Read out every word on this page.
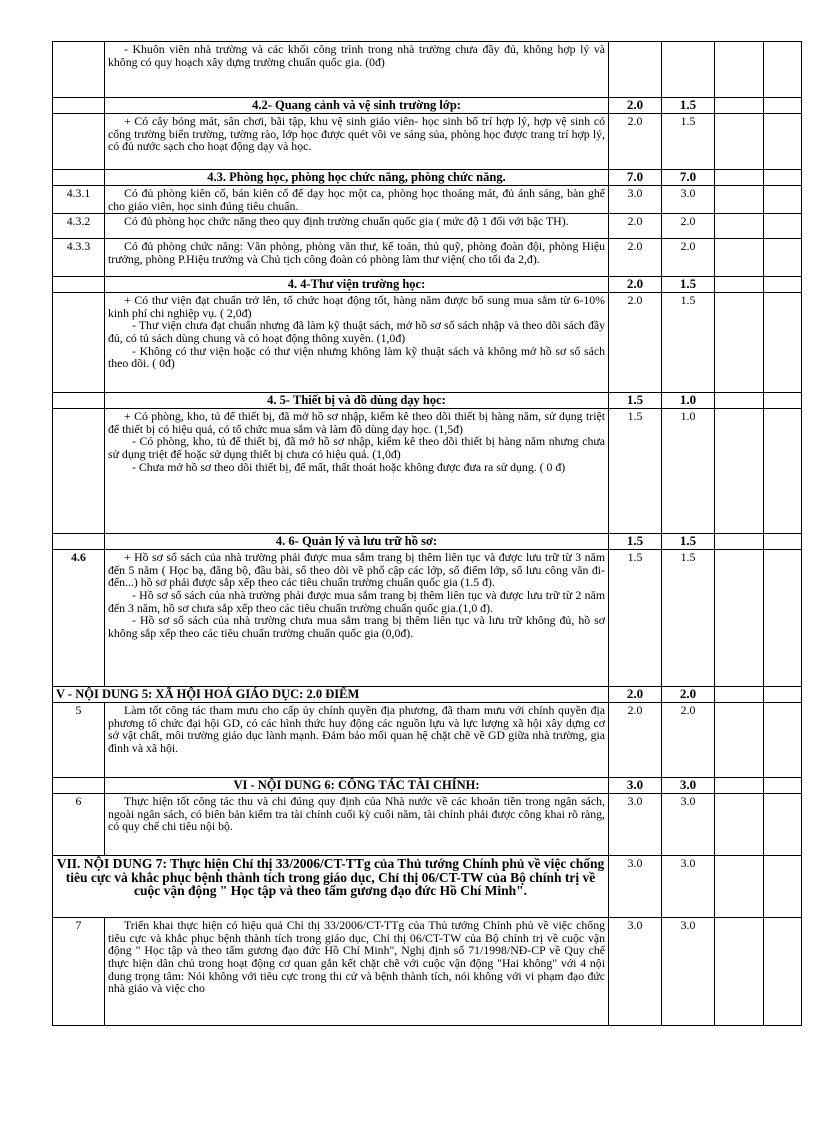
	- Khuôn viên nhà trường và các khối công trình trong nhà trường chưa đầy đủ, không hợp lý và không có quy hoạch xây dựng trường chuẩn quốc gia. (0đ)				

	4.2- Quang cảnh và vệ sinh trường lớp:	2.0	1.5		

	+ Có cây bóng mát, sân chơi, bãi tập, khu vệ sinh giáo viên- học sinh bố trí hợp lý, hợp vệ sinh có cổng trường biển trường, tường rào, lớp học được quét vôi ve sáng sủa, phòng học được trang trí hợp lý, có đủ nước sạch cho hoạt động dạy và học.	2.0	1.5		

	4.3. Phòng học, phòng học chức năng, phòng chức năng.	7.0	7.0		
4.3.1	Có đủ phòng kiên cố, bán kiên cố để dạy học một ca, phòng học thoáng mát, đủ ánh sáng, bàn ghế cho giáo viên, học sinh đúng tiêu chuẩn.	3.0	3.0		
4.3.2	Có đủ phòng học chức năng theo quy định trường chuẩn quốc gia ( mức độ 1 đối với bậc TH).	2.0	2.0		
4.3.3	Có đủ phòng chức năng: Văn phòng, phòng văn thư, kế toán, thủ quỹ, phòng đoàn đội, phòng Hiệu trưởng, phòng P.Hiệu trưởng và Chủ tịch công đoàn có phòng làm thư viện( cho tối đa 2,đ).	2.0	2.0		

	4. 4-Thư viện trường học:	2.0	1.5		

	+ Có thư viện đạt chuẩn trở lên, tổ chức hoạt động tốt, hàng năm được bổ sung mua sắm từ 6-10% kinh phí chi nghiệp vụ. ( 2,0đ)
- Thư viện chưa đạt chuẩn nhưng đã làm kỹ thuật sách, mở hồ sơ sổ sách nhập và theo dõi sách đầy đủ, có tủ sách dùng chung và có hoạt động thông xuyên. (1,0đ)
- Không có thư viện hoặc có thư viện nhưng không làm kỹ thuật sách và không mở hồ sơ sổ sách theo dõi. ( 0đ)	2.0	1.5		

	4. 5- Thiết bị và đồ dùng dạy học:	1.5	1.0		

	+ Có phòng, kho, tủ để thiết bị, đã mở hồ sơ nhập, kiểm kê theo dõi thiết bị hàng năm, sử dụng triệt để thiết bị có hiệu quả, có tổ chức mua sắm và làm đồ dùng dạy học. (1,5đ)
- Có phòng, kho, tủ để thiết bị, đã mở hồ sơ nhập, kiểm kê theo dõi thiết bị hàng năm nhưng chưa sử dụng triệt để hoặc sử dụng thiết bị chưa có hiệu quả. (1,0đ)
- Chưa mở hồ sơ theo dõi thiết bị, để mất, thất thoát hoặc không được đưa ra sử dụng. ( 0 đ)	1.5	1.0		

	4. 6- Quản lý và lưu trữ hồ sơ:	1.5	1.5		
4.6	+ Hồ sơ sổ sách của nhà trường phải được mua sắm trang bị thêm liên tục và được lưu trữ từ 3 năm đến 5 năm ( Học bạ, đăng bộ, đầu bài, sổ theo dõi về phổ cập các lớp, sổ điểm lớp, sổ lưu công văn đi-đến...) hồ sơ phải được sắp xếp theo các tiêu chuẩn trường chuẩn quốc gia (1.5 đ).
- Hồ sơ sổ sách của nhà trường phải được mua sắm trang bị thêm liên tục và được lưu trữ từ 2 năm đến 3 năm, hồ sơ chưa sắp xếp theo các tiêu chuẩn trường chuẩn quốc gia.(1,0 đ).
- Hồ sơ sổ sách của nhà trường chưa mua sắm trang bị thêm liên tục và lưu trữ không đủ, hồ sơ không sắp xếp theo các tiêu chuẩn trường chuẩn quốc gia (0,0đ).	1.5	1.5		

V - NỘI DUNG 5: XÃ HỘI HOÁ GIÁO DỤC: 2.0 ĐIỂM		2.0	2.0		
5	Làm tốt công tác tham mưu cho cấp ủy chính quyền địa phương, đã tham mưu với chính quyền địa phương tổ chức đại hội GD, có các hình thức huy động các nguồn lựu và lực lượng xã hội xây dựng cơ sở vật chất, môi trường giáo dục lành mạnh. Đảm bảo mối quan hệ chặt chẽ về GD giữa nhà trường, gia đình và xã hội.	2.0	2.0		

	VI - NỘI DUNG 6: CÔNG TÁC TÀI CHÍNH:	3.0	3.0		
6	Thực hiện tốt công tác thu và chi đúng quy định của Nhà nước về các khoản tiền trong ngân sách, ngoài ngân sách, có biên bản kiểm tra tài chính cuối kỳ cuối năm, tài chính phải được công khai rõ ràng, có quy chế chi tiêu nội bộ.	3.0	3.0		

VII. NỘI DUNG 7: Thực hiện Chỉ thị 33/2006/CT-TTg của Thủ tướng Chính phủ về việc chống tiêu cực và khắc phục bệnh thành tích trong giáo dục, Chỉ thị 06/CT-TW của Bộ chính trị về cuộc vận động " Học tập và theo tấm gương đạo đức Hồ Chí Minh".		3.0	3.0		
7	Triển khai thực hiện có hiệu quả Chỉ thị 33/2006/CT-TTg của Thủ tướng Chính phủ về việc chống tiêu cực và khắc phục bệnh thành tích trong giáo dục, Chỉ thị 06/CT-TW của Bộ chính trị về cuộc vận động " Học tập và theo tấm gương đạo đức Hồ Chí Minh", Nghị định số 71/1998/NĐ-CP về Quy chế thực hiện dân chủ trong hoạt động cơ quan gắn kết chặt chẽ với cuộc vận động "Hai không" với 4 nội dung trọng tâm: Nói không với tiêu cực trong thi cử và bệnh thành tích, nói không với vi phạm đạo đức nhà giáo và việc cho	3.0	3.0		
